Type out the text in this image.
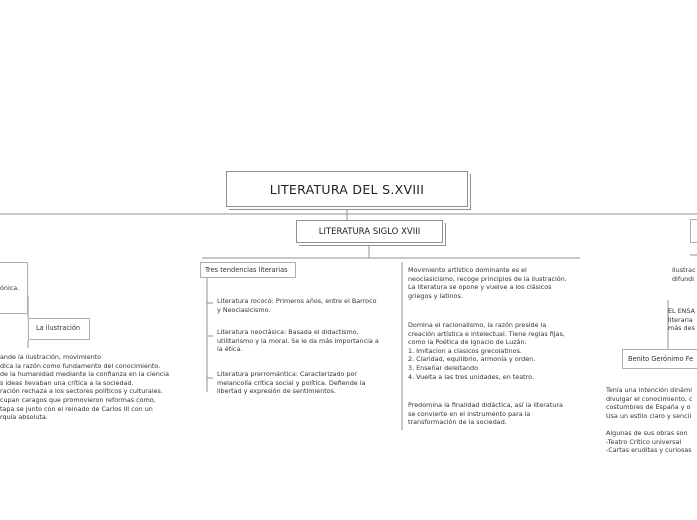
LITERATURA DEL S.XVIII
LITERATURA SIGLO XVIII
ónica.
La ilustración
ande la ilustración, movimiento
dica la razón como fundamento del conocimiento.
de la humanidad mediante la confianza en la ciencia
s ideas llevaban una crítica a la sociedad.
ración rechaza a los sectores políticos y culturales.
cupan caragos que promovieron reformas como,
tapa se junto con el reinado de Carlos III con un
rquía absoluta.
Tres tendencias literarias
Literatura rococó: Primeros años, entre el Barroco
y Neoclasicismo.
Literatura neoclásica: Basada el didactismo,
utilitarismo y la moral. Se le da más importancia a
la ética.
Literatura prerromántica: Caracterizado por
melancolía crítica social y política. Defiende la
libertad y expresión de sentimientos.
Movimiento artístico dominante es el
neoclasicismo, recoge principios de la ilustración.
La literatura se opone y vuelve a los clásicos
griegos y latinos.
Domina el racionalismo, la razón preside la
creación artística e intelectual. Tiene reglas fijas,
como la Poética de Ignacio de Luzán:
1. Imitacion a clasicos grecolatinos.
2. Claridad, equilibrio, armonía y orden.
3. Enseñar deleitando
4. Vuelta a las tres unidades, en teatro.
Predomina la finalidad didáctica, así la literatura
se convierte en el instrumento para la
transformación de la sociedad.
Ilustrac
difundi
EL ENSA
literaria
más des
Benito Gerónimo Fe
Tenía una intención dinámi
divulgar el conocimiento, c
costumbres de España y o
Usa un estilo claro y sencil

Algunas de sus obras son
-Teatro Crítico universal
-Cartas eruditas y curiosas
